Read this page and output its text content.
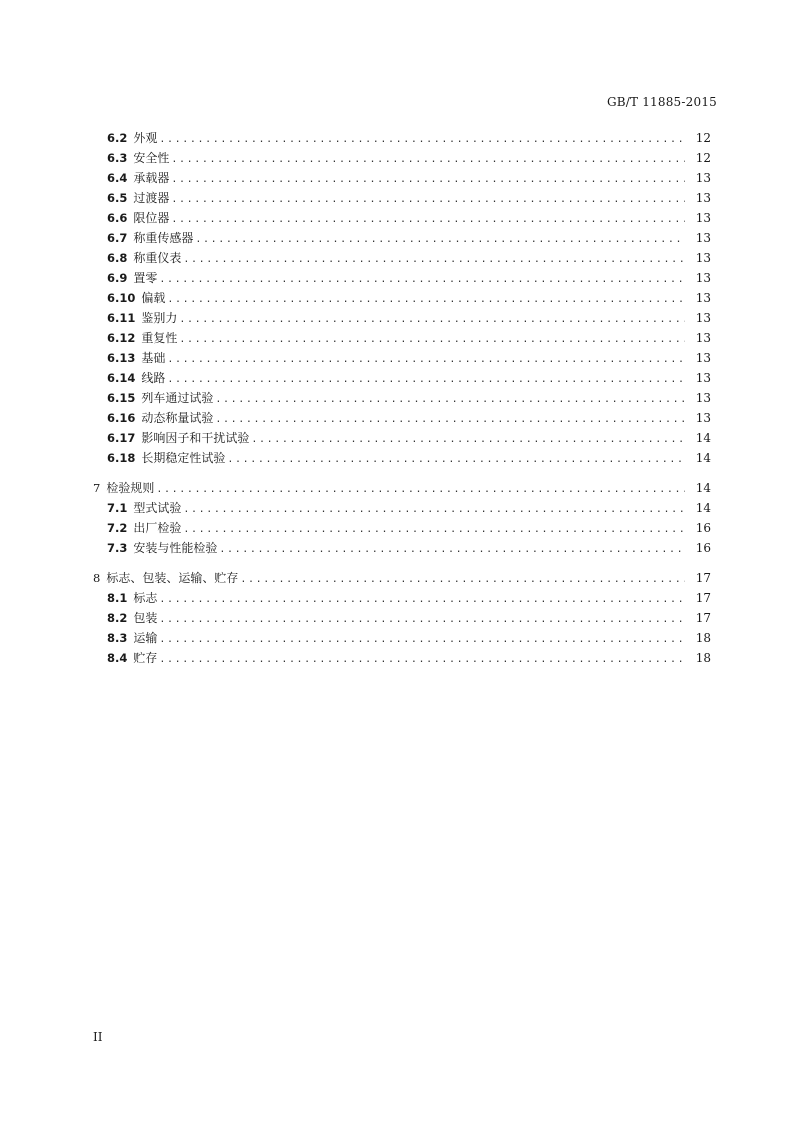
GB/T 11885-2015
6.2 外观 .....	12
6.3 安全性 .....	12
6.4 承载器 .....	13
6.5 过渡器 .....	13
6.6 限位器 .....	13
6.7 称重传感器 .....	13
6.8 称重仪表 .....	13
6.9 置零 .....	13
6.10 偏载 .....	13
6.11 鉴别力 .....	13
6.12 重复性 .....	13
6.13 基础 .....	13
6.14 线路 .....	13
6.15 列车通过试验 .....	13
6.16 动态称量试验 .....	13
6.17 影响因子和干扰试验 .....	14
6.18 长期稳定性试验 .....	14
7 检验规则 .....	14
7.1 型式试验 .....	14
7.2 出厂检验 .....	16
7.3 安装与性能检验 .....	16
8 标志、包装、运输、贮存 .....	17
8.1 标志 .....	17
8.2 包装 .....	17
8.3 运输 .....	18
8.4 贮存 .....	18
II
